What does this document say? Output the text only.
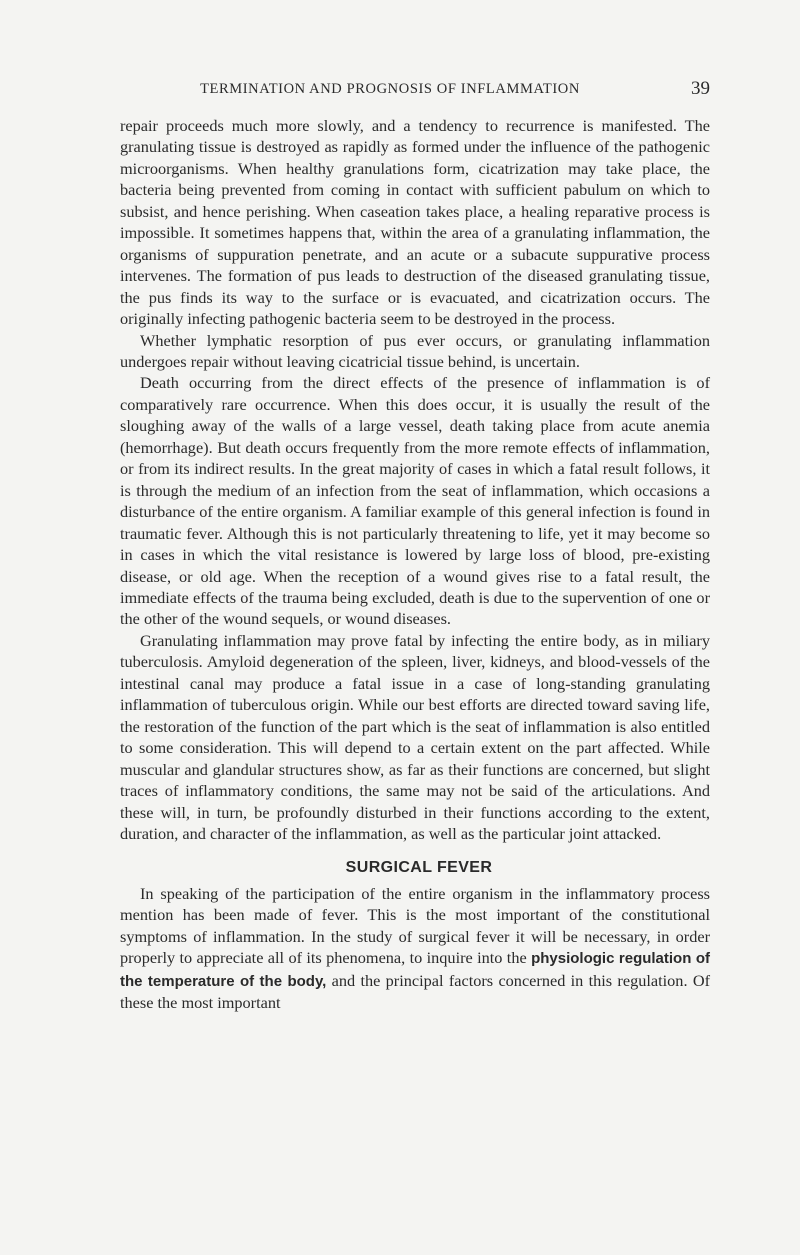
TERMINATION AND PROGNOSIS OF INFLAMMATION	39

repair proceeds much more slowly, and a tendency to recurrence is manifested. The granulating tissue is destroyed as rapidly as formed under the influence of the pathogenic microorganisms. When healthy granulations form, cicatrization may take place, the bacteria being prevented from coming in contact with sufficient pabulum on which to subsist, and hence perishing. When caseation takes place, a healing reparative process is impossible. It sometimes happens that, within the area of a granulating inflammation, the organisms of suppuration penetrate, and an acute or a subacute suppurative process intervenes. The formation of pus leads to destruction of the diseased granulating tissue, the pus finds its way to the surface or is evacuated, and cicatrization occurs. The originally infecting pathogenic bacteria seem to be destroyed in the process.

Whether lymphatic resorption of pus ever occurs, or granulating inflammation undergoes repair without leaving cicatricial tissue behind, is uncertain.

Death occurring from the direct effects of the presence of inflammation is of comparatively rare occurrence. When this does occur, it is usually the result of the sloughing away of the walls of a large vessel, death taking place from acute anemia (hemorrhage). But death occurs frequently from the more remote effects of inflammation, or from its indirect results. In the great majority of cases in which a fatal result follows, it is through the medium of an infection from the seat of inflammation, which occasions a disturbance of the entire organism. A familiar example of this general infection is found in traumatic fever. Although this is not particularly threatening to life, yet it may become so in cases in which the vital resistance is lowered by large loss of blood, pre-existing disease, or old age. When the reception of a wound gives rise to a fatal result, the immediate effects of the trauma being excluded, death is due to the supervention of one or the other of the wound sequels, or wound diseases.

Granulating inflammation may prove fatal by infecting the entire body, as in miliary tuberculosis. Amyloid degeneration of the spleen, liver, kidneys, and blood-vessels of the intestinal canal may produce a fatal issue in a case of long-standing granulating inflammation of tuberculous origin. While our best efforts are directed toward saving life, the restoration of the function of the part which is the seat of inflammation is also entitled to some consideration. This will depend to a certain extent on the part affected. While muscular and glandular structures show, as far as their functions are concerned, but slight traces of inflammatory conditions, the same may not be said of the articulations. And these will, in turn, be profoundly disturbed in their functions according to the extent, duration, and character of the inflammation, as well as the particular joint attacked.

SURGICAL FEVER

In speaking of the participation of the entire organism in the inflammatory process mention has been made of fever. This is the most important of the constitutional symptoms of inflammation. In the study of surgical fever it will be necessary, in order properly to appreciate all of its phenomena, to inquire into the physiologic regulation of the temperature of the body, and the principal factors concerned in this regulation. Of these the most important
